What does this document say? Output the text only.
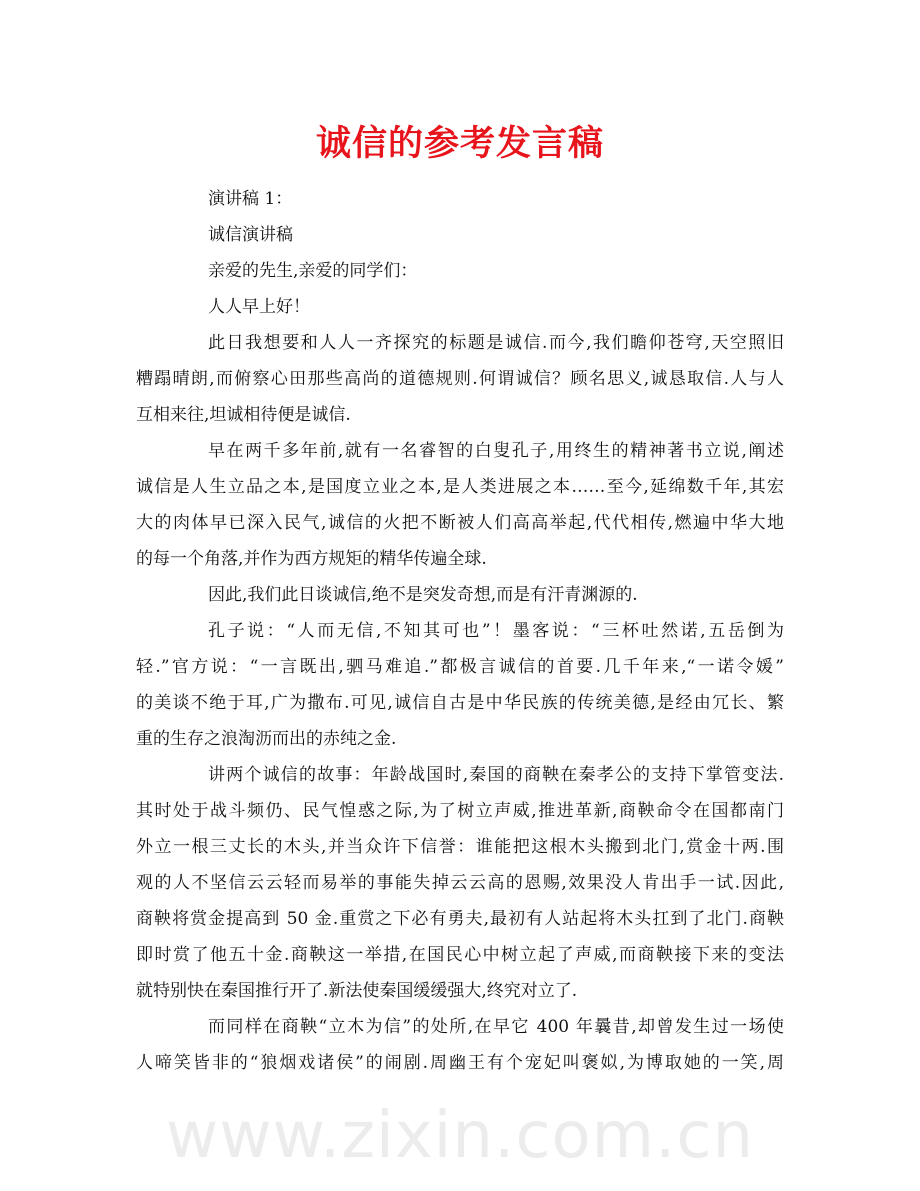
诚信的参考发言稿
演讲稿 1：
诚信演讲稿
亲爱的先生,亲爱的同学们：
人人早上好！
此日我想要和人人一齐探究的标题是诚信.而今,我们瞻仰苍穹,天空照旧
糟蹋晴朗,而俯察心田那些高尚的道德规则.何谓诚信？顾名思义,诚恳取信.人与人
互相来往,坦诚相待便是诚信.
早在两千多年前,就有一名睿智的白叟孔子,用终生的精神著书立说,阐述
诚信是人生立品之本,是国度立业之本,是人类进展之本……至今,延绵数千年,其宏
大的肉体早已深入民气,诚信的火把不断被人们高高举起,代代相传,燃遍中华大地
的每一个角落,并作为西方规矩的精华传遍全球.
因此,我们此日谈诚信,绝不是突发奇想,而是有汗青渊源的.
孔子说：“人而无信,不知其可也”！墨客说：“三杯吐然诺,五岳倒为
轻.”官方说：“一言既出,驷马难追.”都极言诚信的首要.几千年来,“一诺令媛”
的美谈不绝于耳,广为撒布.可见,诚信自古是中华民族的传统美德,是经由冗长、繁
重的生存之浪淘沥而出的赤纯之金.
讲两个诚信的故事：年龄战国时,秦国的商鞅在秦孝公的支持下掌管变法.
其时处于战斗频仍、民气惶惑之际,为了树立声威,推进革新,商鞅命令在国都南门
外立一根三丈长的木头,并当众许下信誉：谁能把这根木头搬到北门,赏金十两.围
观的人不坚信云云轻而易举的事能失掉云云高的恩赐,效果没人肯出手一试.因此,
商鞅将赏金提高到 50 金.重赏之下必有勇夫,最初有人站起将木头扛到了北门.商鞅
即时赏了他五十金.商鞅这一举措,在国民心中树立起了声威,而商鞅接下来的变法
就特别快在秦国推行开了.新法使秦国缓缓强大,终究对立了.
而同样在商鞅“立木为信”的处所,在早它 400 年曩昔,却曾发生过一场使
人啼笑皆非的“狼烟戏诸侯”的闹剧.周幽王有个宠妃叫褒姒,为博取她的一笑,周
www.zixin.com.cn
